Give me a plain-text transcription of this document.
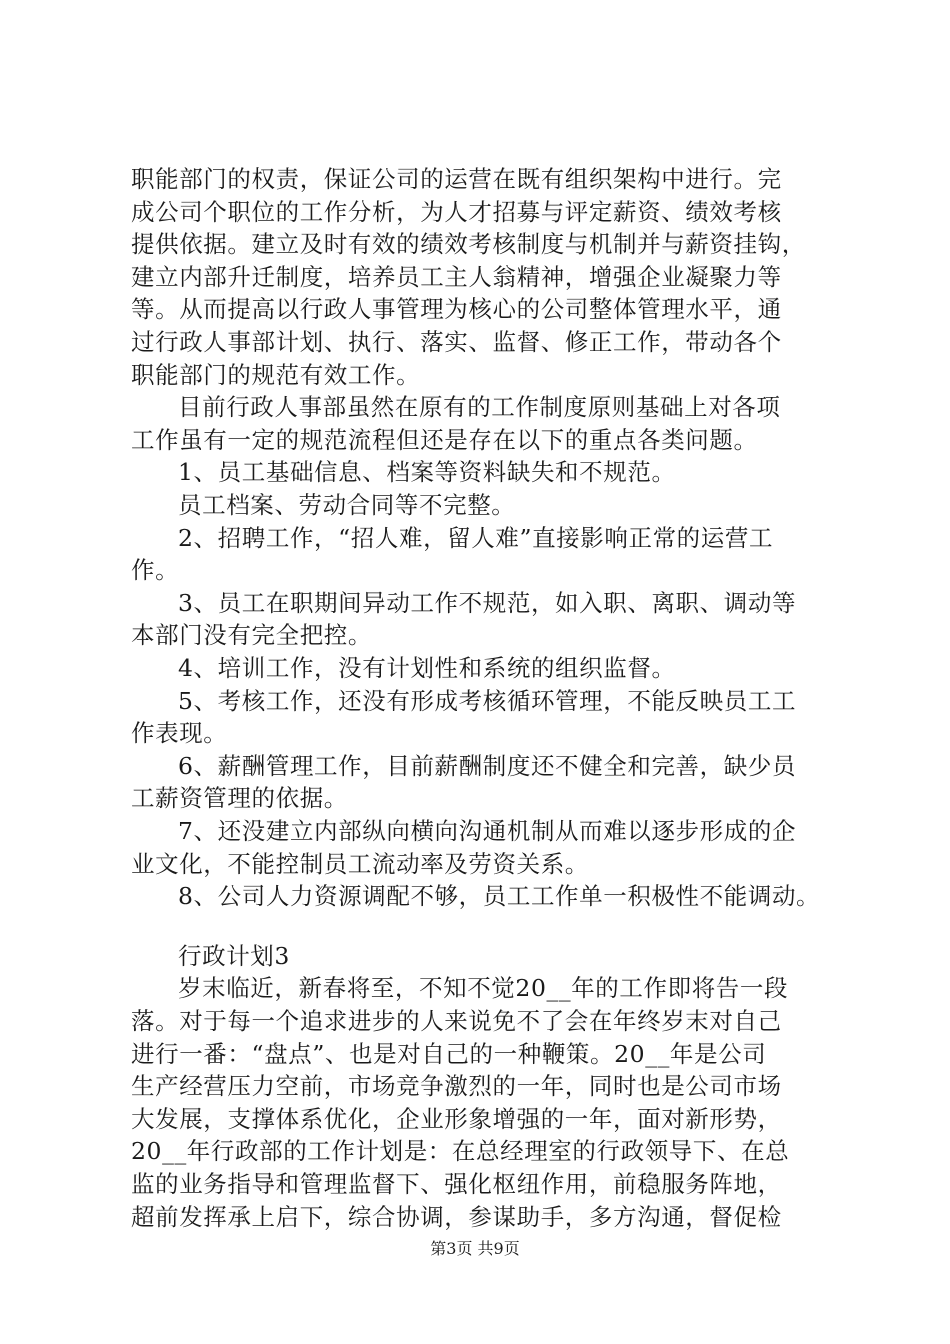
职能部门的权责，保证公司的运营在既有组织架构中进行。完
成公司个职位的工作分析，为人才招募与评定薪资、绩效考核
提供依据。建立及时有效的绩效考核制度与机制并与薪资挂钩，
建立内部升迁制度，培养员工主人翁精神，增强企业凝聚力等
等。从而提高以行政人事管理为核心的公司整体管理水平，通
过行政人事部计划、执行、落实、监督、修正工作，带动各个
职能部门的规范有效工作。
目前行政人事部虽然在原有的工作制度原则基础上对各项
工作虽有一定的规范流程但还是存在以下的重点各类问题。
1、员工基础信息、档案等资料缺失和不规范。
员工档案、劳动合同等不完整。
2、招聘工作，“招人难，留人难”直接影响正常的运营工
作。
3、员工在职期间异动工作不规范，如入职、离职、调动等
本部门没有完全把控。
4、培训工作，没有计划性和系统的组织监督。
5、考核工作，还没有形成考核循环管理，不能反映员工工
作表现。
6、薪酬管理工作，目前薪酬制度还不健全和完善，缺少员
工薪资管理的依据。
7、还没建立内部纵向横向沟通机制从而难以逐步形成的企
业文化，不能控制员工流动率及劳资关系。
8、公司人力资源调配不够，员工工作单一积极性不能调动。
行政计划3
岁末临近，新春将至，不知不觉20__年的工作即将告一段
落。对于每一个追求进步的人来说免不了会在年终岁末对自己
进行一番：“盘点”、也是对自己的一种鞭策。20__年是公司
生产经营压力空前，市场竞争激烈的一年，同时也是公司市场
大发展，支撑体系优化，企业形象增强的一年，面对新形势，
20__年行政部的工作计划是：在总经理室的行政领导下、在总
监的业务指导和管理监督下、强化枢纽作用，前稳服务阵地，
超前发挥承上启下，综合协调，参谋助手，多方沟通，督促检
第3页 共9页
